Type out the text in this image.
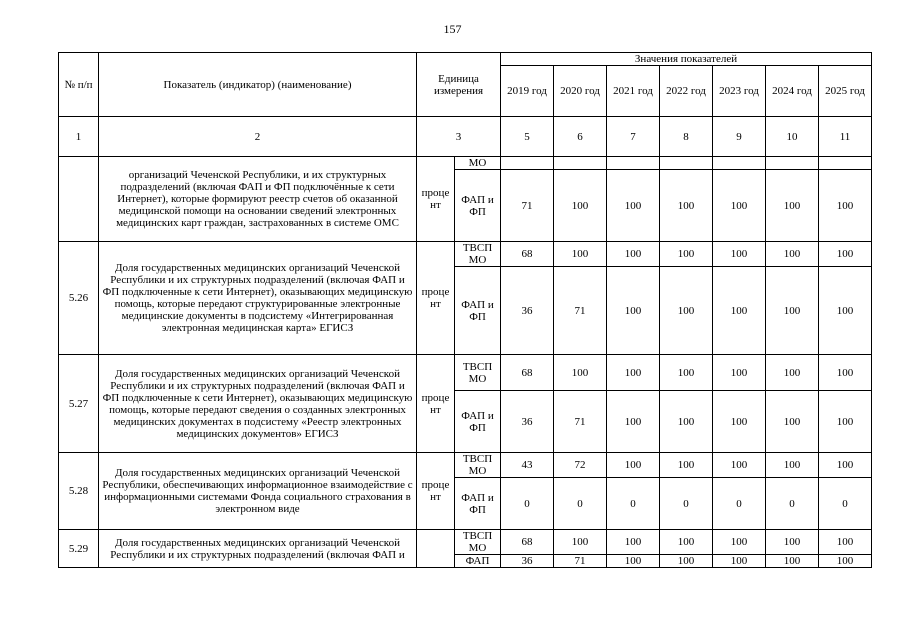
157
№ п/п	Показатель (индикатор) (наименование)	Единица измерения		Значения показателей						
				2019 год	2020 год	2021 год	2022 год	2023 год	2024 год	2025 год
1	2	3		5	6	7	8	9	10	11
	организаций Чеченской Республики, и их структурных подразделений (включая ФАП и ФП подключённые к сети Интернет), которые формируют реестр счетов об оказанной медицинской помощи на основании сведений электронных медицинских карт граждан, застрахованных в системе ОМС	проце нт	МО							
			ФАП и ФП	71	100	100	100	100	100	100
5.26	Доля государственных медицинских организаций Чеченской Республики и их структурных подразделений (включая ФАП и ФП подключенные к сети Интернет), оказывающих медицинскую помощь, которые передают структурированные электронные медицинские документы в подсистему «Интегрированная электронная медицинская карта» ЕГИСЗ	проце нт	ТВСП МО	68	100	100	100	100	100	100
			ФАП и ФП	36	71	100	100	100	100	100
5.27	Доля государственных медицинских организаций Чеченской Республики и их структурных подразделений (включая ФАП и ФП подключенные к сети Интернет), оказывающих медицинскую помощь, которые передают сведения о созданных электронных медицинских документах в подсистему «Реестр электронных медицинских документов» ЕГИСЗ	проце нт	ТВСП МО	68	100	100	100	100	100	100
			ФАП и ФП	36	71	100	100	100	100	100
5.28	Доля государственных медицинских организаций Чеченской Республики, обеспечивающих информационное взаимодействие с информационными системами Фонда социального страхования в электронном виде	проце нт	ТВСП МО	43	72	100	100	100	100	100
			ФАП и ФП	0	0	0	0	0	0	0
5.29	Доля государственных медицинских организаций Чеченской Республики и их структурных подразделений (включая ФАП и		ТВСП МО	68	100	100	100	100	100	100
			ФАП	36	71	100	100	100	100	100
